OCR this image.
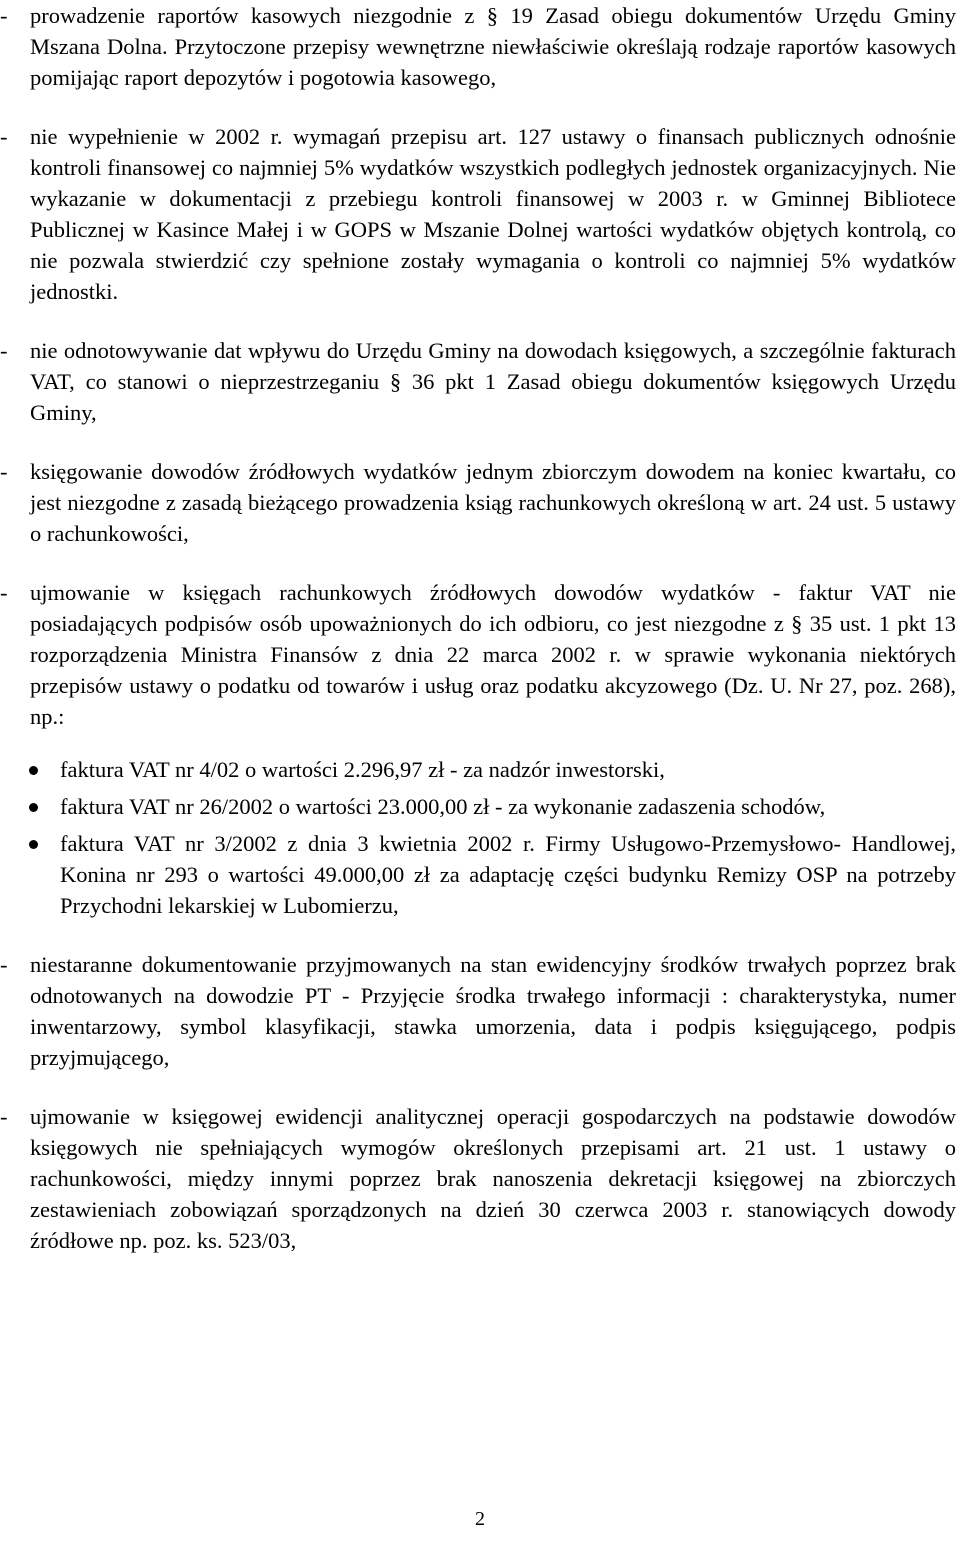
- prowadzenie raportów kasowych niezgodnie z § 19 Zasad obiegu dokumentów Urzędu Gminy Mszana Dolna. Przytoczone przepisy wewnętrzne niewłaściwie określają rodzaje raportów kasowych pomijając raport depozytów i pogotowia kasowego,
- nie wypełnienie w 2002 r. wymagań przepisu art. 127 ustawy o finansach publicznych odnośnie kontroli finansowej co najmniej 5% wydatków wszystkich podległych jednostek organizacyjnych. Nie wykazanie w dokumentacji z przebiegu kontroli finansowej w 2003 r. w Gminnej Bibliotece Publicznej w Kasince Małej i w GOPS w Mszanie Dolnej wartości wydatków objętych kontrolą, co nie pozwala stwierdzić czy spełnione zostały wymagania o kontroli co najmniej 5% wydatków jednostki.
- nie odnotowywanie dat wpływu do Urzędu Gminy na dowodach księgowych, a szczególnie fakturach VAT, co stanowi o nieprzestrzeganiu § 36 pkt 1 Zasad obiegu dokumentów księgowych Urzędu Gminy,
- księgowanie dowodów źródłowych wydatków jednym zbiorczym dowodem na koniec kwartału, co jest niezgodne z zasadą bieżącego prowadzenia ksiąg rachunkowych określoną w art. 24 ust. 5 ustawy o rachunkowości,
- ujmowanie w księgach rachunkowych źródłowych dowodów wydatków - faktur VAT nie posiadających podpisów osób upoważnionych do ich odbioru, co jest niezgodne z § 35 ust. 1 pkt 13 rozporządzenia Ministra Finansów z dnia 22 marca 2002 r. w sprawie wykonania niektórych przepisów ustawy o podatku od towarów i usług oraz podatku akcyzowego (Dz. U. Nr 27, poz. 268), np.:
faktura VAT nr 4/02 o wartości 2.296,97 zł - za nadzór inwestorski,
faktura VAT nr 26/2002 o wartości 23.000,00 zł - za wykonanie zadaszenia schodów,
faktura VAT nr 3/2002 z dnia 3 kwietnia 2002 r. Firmy Usługowo-Przemysłowo- Handlowej, Konina nr 293 o wartości 49.000,00 zł za adaptację części budynku Remizy OSP na potrzeby Przychodni lekarskiej w Lubomierzu,
- niestaranne dokumentowanie przyjmowanych na stan ewidencyjny środków trwałych poprzez brak odnotowanych na dowodzie PT - Przyjęcie środka trwałego informacji : charakterystyka, numer inwentarzowy, symbol klasyfikacji, stawka umorzenia, data i podpis księgującego, podpis przyjmującego,
- ujmowanie w księgowej ewidencji analitycznej operacji gospodarczych na podstawie dowodów księgowych nie spełniających wymogów określonych przepisami art. 21 ust. 1 ustawy o rachunkowości, między innymi poprzez brak nanoszenia dekretacji księgowej na zbiorczych zestawieniach zobowiązań sporządzonych na dzień 30 czerwca 2003 r. stanowiących dowody źródłowe np. poz. ks. 523/03,
2
